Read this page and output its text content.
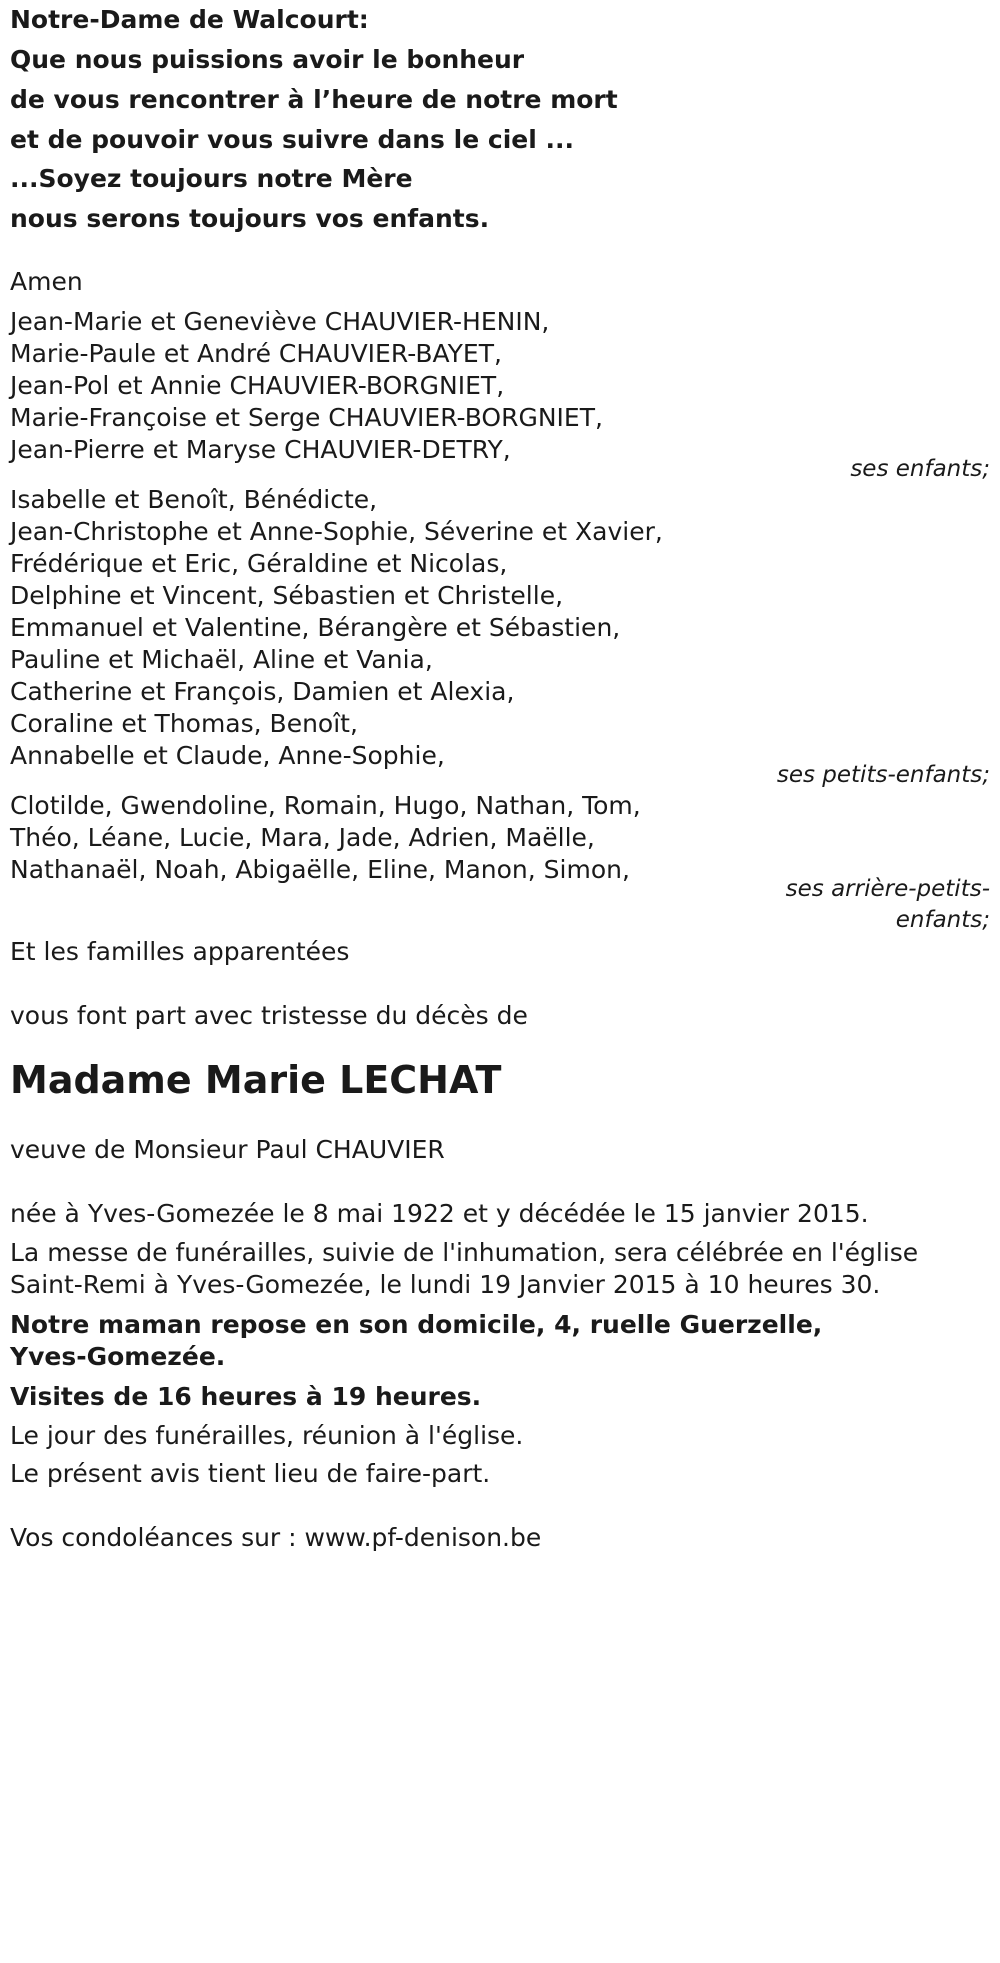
Notre-Dame de Walcourt:
Que nous puissions avoir le bonheur
de vous rencontrer à l’heure de notre mort
et de pouvoir vous suivre dans le ciel ...
...Soyez toujours notre Mère
nous serons toujours vos enfants.
Amen
Jean-Marie et Geneviève CHAUVIER-HENIN,
Marie-Paule et André CHAUVIER-BAYET,
Jean-Pol et Annie CHAUVIER-BORGNIET,
Marie-Françoise et Serge CHAUVIER-BORGNIET,
Jean-Pierre et Maryse CHAUVIER-DETRY,
ses enfants;
Isabelle et Benoît, Bénédicte,
Jean-Christophe et Anne-Sophie, Séverine et Xavier,
Frédérique et Eric, Géraldine et Nicolas,
Delphine et Vincent, Sébastien et Christelle,
Emmanuel et Valentine, Bérangère et Sébastien,
Pauline et Michaël, Aline et Vania,
Catherine et François, Damien et Alexia,
Coraline et Thomas, Benoît,
Annabelle et Claude, Anne-Sophie,
ses petits-enfants;
Clotilde, Gwendoline, Romain, Hugo, Nathan, Tom,
Théo, Léane, Lucie, Mara, Jade, Adrien, Maëlle,
Nathanaël, Noah, Abigaëlle, Eline, Manon, Simon,
ses arrière-petits-
enfants;
Et les familles apparentées
vous font part avec tristesse du décès de
Madame Marie LECHAT
veuve de Monsieur Paul CHAUVIER
née à Yves-Gomezée le 8 mai 1922 et y décédée le 15 janvier 2015.
La messe de funérailles, suivie de l'inhumation, sera célébrée en l'église
Saint-Remi à Yves-Gomezée, le lundi 19 Janvier 2015 à 10 heures 30.
Notre maman repose en son domicile, 4, ruelle Guerzelle,
Yves-Gomezée.
Visites de 16 heures à 19 heures.
Le jour des funérailles, réunion à l'église.
Le présent avis tient lieu de faire-part.
Vos condoléances sur : www.pf-denison.be
